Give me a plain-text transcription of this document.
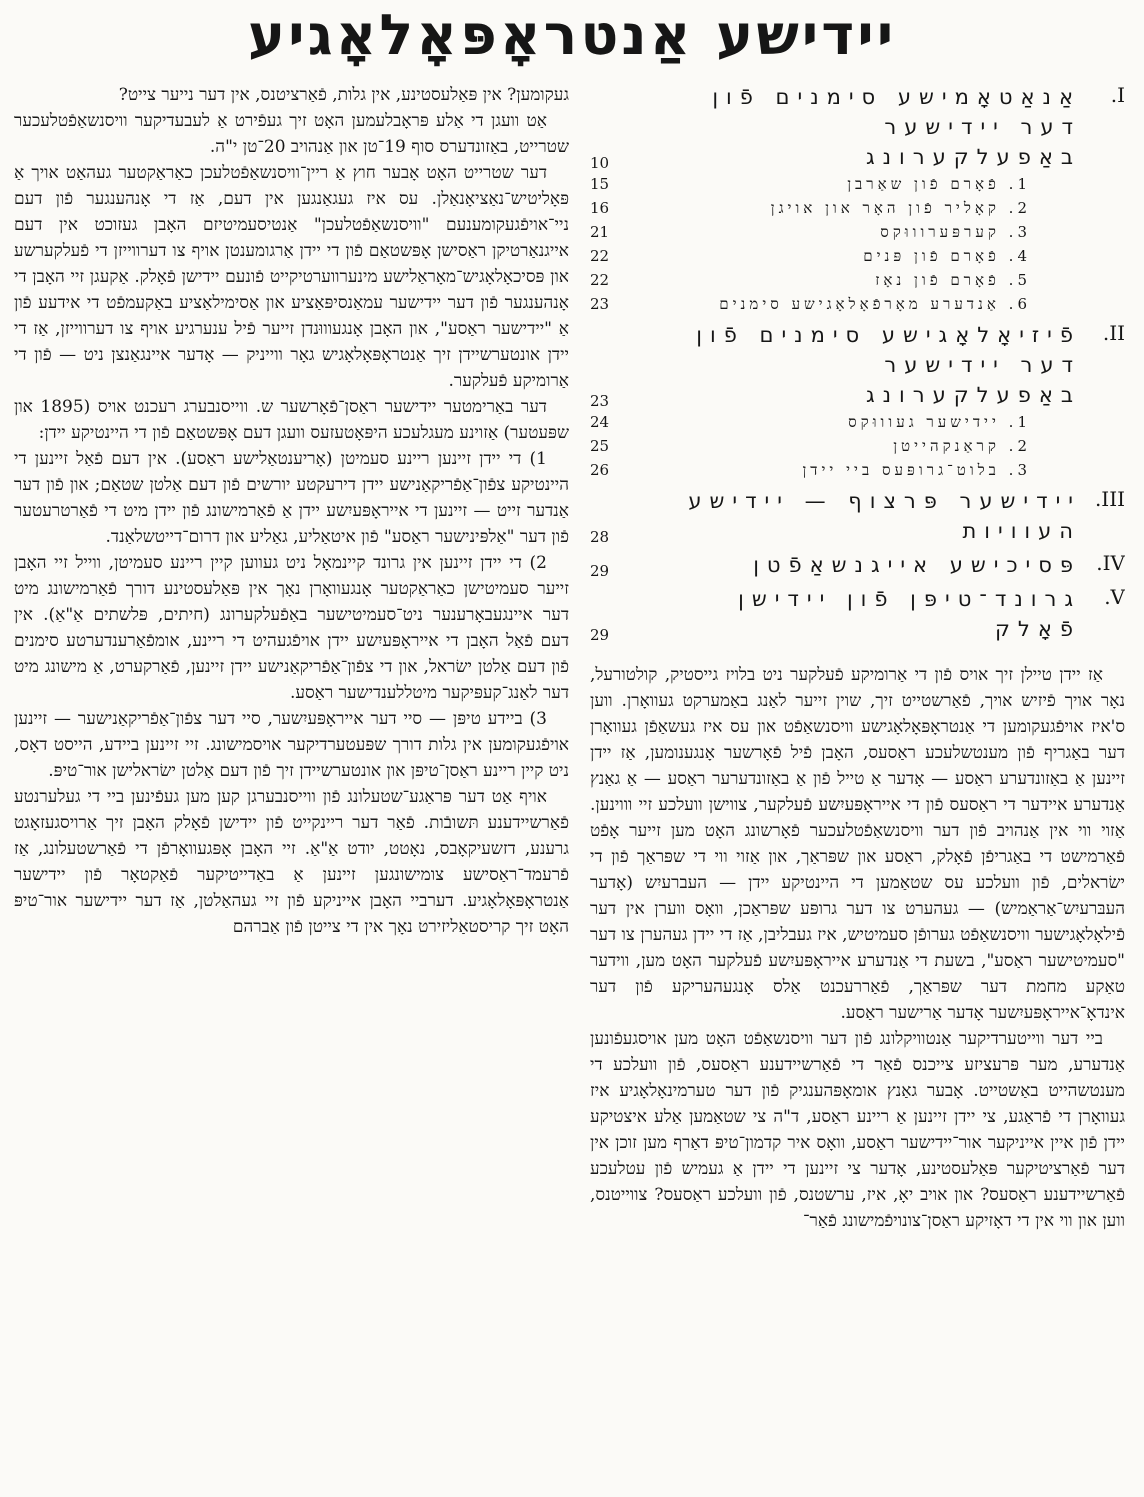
יידישע אַנטראָפּאָלאָגיע
I.
אַנאַטאָמישע סימנים פֿון דער יידישער באַפעלקערונג
10
1. פֿאָרם פֿון שאַרבן
15
2. קאָליר פֿון האָר און אויגן
16
3. קערפּערוווּקס
21
4. פֿאָרם פֿון פּנים
22
5. פֿאָרם פֿון נאָז
22
6. אַנדערע מאָרפֿאָלאָגישע סימנים
23
II.
פֿיזיאָלאָגישע סימנים פֿון דער יידישער באַפעלקערונג
23
1. יידישער געוווּקס
24
2. קראַנקהייטן
25
3. בלוט־גרופּעס ביי יידן
26
III.
יידישער פּרצוף — יידישע העוויות
28
IV.
פּסיכישע אייגנשאַפֿטן
29
V.
גרונד־טיפּן פֿון יידישן פֿאָלק
29

אַז יידן טיילן זיך אויס פֿון די אַרומיקע פֿעלקער ניט בלויז גייסטיק, קולטורעל, נאָר אויך פֿיזיש אויך, פֿאַרשטייט זיך, שוין זייער לאַנג באַמערקט געוואָרן. ווען ס'איז אויפֿגעקומען די אַנטראָפּאָלאָגישע וויסנשאַפֿט און עס איז געשאַפֿן געוואָרן דער באַגריף פֿון מענטשלעכע ראַסעס, האָבן פֿיל פֿאָרשער אָנגענומען, אַז יידן זיינען אַ באַזונדערע ראַסע — אָדער אַ טייל פֿון אַ באַזונדערער ראַסע — אַ גאַנץ אַנדערע איידער די ראַסעס פֿון די אייראָפּעיִשע פֿעלקער, צווישן וועלכע זיי וווינען. אַזוי ווי אין אַנהויב פֿון דער וויסנשאַפֿטלעכער פֿאָרשונג האָט מען זייער אָפֿט פֿאַרמישט די באַגריפֿן פֿאָלק, ראַסע און שפּראַך, און אַזוי ווי די שפּראַך פֿון די ישׂראלים, פֿון וועלכע עס שטאַמען די היינטיקע יידן — העברעיִש (אָדער העבּרעיִש־אַראַמיש) — געהערט צו דער גרופּע שפּראַכן, וואָס ווערן אין דער פֿילאָלאָגישער וויסנשאַפֿט גערופֿן סעמיטיש, איז געבליבן, אַז די יידן געהערן צו דער "סעמיטישער ראַסע", בשעת די אַנדערע אייראָפּעיִשע פֿעלקער האָט מען, ווידער טאַקע מחמת דער שפּראַך, פֿאַררעכנט אַלס אָנגעהעריקע פֿון דער אינדאָ־אייראָפּעיִשער אָדער אַרישער ראַסע.

ביי דער ווייטערדיקער אַנטוויקלונג פֿון דער וויסנשאַפֿט האָט מען אויסגעפֿונען אַנדערע, מער פּרעציזע צייכנס פֿאַר די פֿאַרשיידענע ראַסעס, פֿון וועלכע די מענטשהייט באַשטייט. אָבער גאַנץ אומאָפּהענגיק פֿון דער טערמינאָלאָגיע איז געוואָרן די פֿראַגע, צי יידן זיינען אַ ריינע ראַסע, ד"ה צי שטאַמען אַלע איצטיקע יידן פֿון איין אייניקער אור־יידישער ראַסע, וואָס איר קדמון־טיפּ דאַרף מען זוכן אין דער פֿאַרציטיקער פּאַלעסטינע, אָדער צי זיינען די יידן אַ געמיש פֿון עטלעכע פֿאַרשיידענע ראַסעס? און אויב יאָ, איז, ערשטנס, פֿון וועלכע ראַסעס? צווייטנס, ווען און ווי אין די דאָזיקע ראַסן־צונויפֿמישונג פֿאַר־

געקומען? אין פּאַלעסטינע, אין גלות, פֿאַרציטנס, אין דער נייער צייט?

אַט וועגן די אַלע פּראָבלעמען האָט זיך געפֿירט אַ לעבעדיקער וויסנשאַפֿטלעכער שטרייט, באַזונדערס סוף 19־טן און אַנהויב 20־טן י"ה.

דער שטרייט האָט אָבער חוץ אַ ריין־וויסנשאַפֿטלעכן כאַראַקטער געהאַט אויך אַ פּאָליטיש־נאַציאָנאַלן. עס איז געגאַנגען אין דעם, אַז די אָנהענגער פֿון דעם ניי־אויפֿגעקומענעם "וויסנשאַפֿטלעכן" אַנטיסעמיטיזם האָבן געזוכט אין דעם אייגנאַרטיקן ראַסישן אָפּשטאַם פֿון די יידן אַרגומענטן אויף צו דערווייזן די פֿעלקערשע און פּסיכאָלאָגיש־מאָראַלישע מינערווערטיקייט פֿונעם יידישן פֿאָלק. אַקעגן זיי האָבן די אָנהענגער פֿון דער יידישער עמאַנסיפּאַציע און אַסימילאַציע באַקעמפֿט די אידעע פֿון אַ "יידישער ראַסע", און האָבן אָנגעוווּנדן זייער פֿיל ענערגיע אויף צו דערווייזן, אַז די יידן אונטערשיידן זיך אַנטראָפּאָלאָגיש גאָר ווייניק — אָדער איינגאַנצן ניט — פֿון די אַרומיקע פֿעלקער.

דער באַרימטער יידישער ראַסן־פֿאָרשער ש. ווייסנבערג רעכנט אויס (1895 און שפּעטער) אַזוינע מעגלעכע היפּאָטעזעס וועגן דעם אָפּשטאַם פֿון די היינטיקע יידן:

1) די יידן זיינען ריינע סעמיטן (אָריענטאַלישע ראַסע). אין דעם פֿאַל זיינען די היינטיקע צפֿון־אַפֿריקאַנישע יידן דירעקטע יורשים פֿון דעם אַלטן שטאַם; און פֿון דער אַנדער זייט — זיינען די אייראָפּעיִשע יידן אַ פֿאַרמישונג פֿון יידן מיט די פֿאַרטרעטער פֿון דער "אַלפּינישער ראַסע" פֿון איטאַליע, גאַליע און דרום־דייטשלאַנד.

2) די יידן זיינען אין גרונד קיינמאָל ניט געווען קיין ריינע סעמיטן, ווייל זיי האָבן זייער סעמיטישן כאַראַקטער אָנגעוואָרן נאָך אין פּאַלעסטינע דורך פֿאַרמישונג מיט דער איינגעבאָרענער ניט־סעמיטישער באַפֿעלקערונג (חיתים, פּלשתים אַ"אַ). אין דעם פֿאַל האָבן די אייראָפּעיִשע יידן אויפֿגעהיט די ריינע, אומפֿאַרענדערטע סימנים פֿון דעם אַלטן ישׂראל, און די צפֿון־אַפֿריקאַנישע יידן זיינען, פֿאַרקערט, אַ מישונג מיט דער לאַנג־קעפּיקער מיטללענדישער ראַסע.

3) ביידע טיפּן — סיי דער אייראָפּעיִשער, סיי דער צפֿון־אַפֿריקאַנישער — זיינען אויפֿגעקומען אין גלות דורך שפּעטערדיקער אויסמישונג. זיי זיינען ביידע, הייסט דאָס, ניט קיין ריינע ראַסן־טיפּן און אונטערשיידן זיך פֿון דעם אַלטן ישׂראלישן אור־טיפּ.

אויף אַט דער פּראַגע־שטעלונג פֿון ווייסנבערגן קען מען געפֿינען ביי די געלערנטע פֿאַרשיידענע תּשובֿות. פֿאַר דער ריינקייט פֿון יידישן פֿאָלק האָבן זיך אַרויסגעזאָגט גרענע, דזשעיקאָבס, נאָטט, יודט אַ"אַ. זיי האָבן אָפּגעוואָרפֿן די פֿאַרשטעלונג, אַז פֿרעמד־ראַסישע צומישונגען זיינען אַ באַדייטיקער פֿאַקטאָר פֿון יידישער אַנטראָפּאָלאָגיע. דערביי האָבן אייניקע פֿון זיי געהאַלטן, אַז דער יידישער אור־טיפּ האָט זיך קריסטאַליזירט נאָך אין די צייטן פֿון אַברהם
